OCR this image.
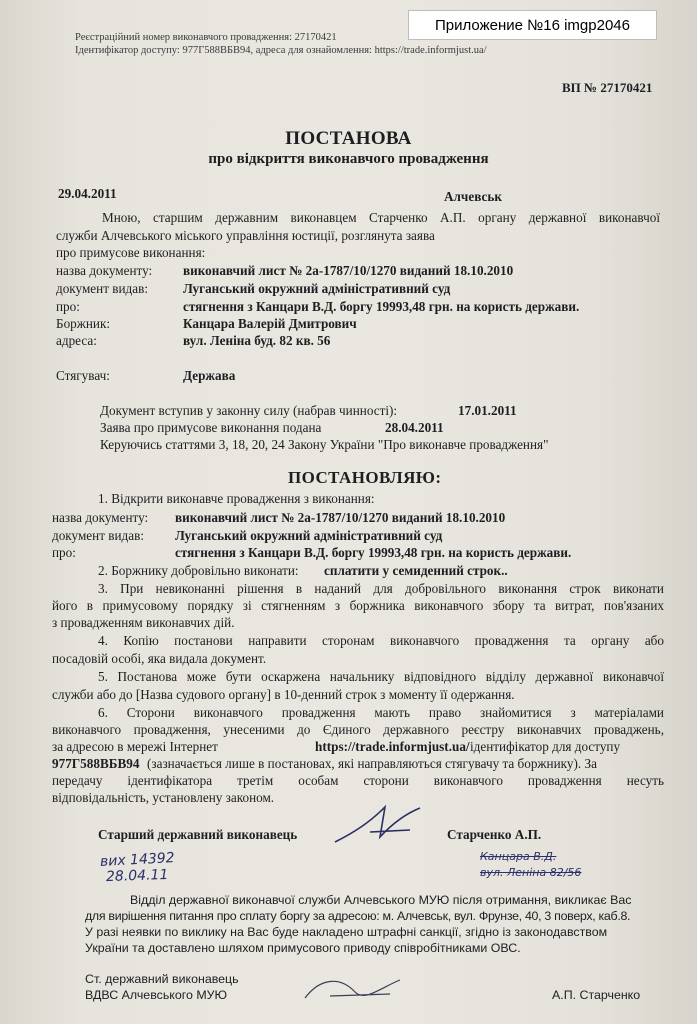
Реєстраційний номер виконавчого провадження: 27170421
Ідентифікатор доступу: 977Г588ВБВ94, адреса для ознайомлення: https://trade.informjust.ua/
Приложение №16 imgp2046
ВП № 27170421
ПОСТАНОВА
про відкриття виконавчого провадження
29.04.2011	Алчевськ
Мною, старшим державним виконавцем Старченко А.П. органу державної виконавчої
служби Алчевського міського управління юстиції, розглянута заява
про примусове виконання:
назва документу: виконавчий лист № 2а-1787/10/1270 виданий 18.10.2010
документ видав:	Луганський окружний адміністративний суд
про:	стягнення з Канцари В.Д. боргу 19993,48 грн. на користь держави.
Боржник:	Канцара Валерій Дмитрович
адреса:	вул. Леніна буд. 82 кв. 56
Стягувач:	Держава
Документ вступив у законну силу (набрав чинності):	17.01.2011
Заява про примусове виконання подана	28.04.2011
Керуючись статтями 3, 18, 20, 24 Закону України "Про виконавче провадження"
ПОСТАНОВЛЯЮ:
1. Відкрити виконавче провадження з виконання:
назва документу: виконавчий лист № 2а-1787/10/1270 виданий 18.10.2010
документ видав: Луганський окружний адміністративний суд
про:	стягнення з Канцари В.Д. боргу 19993,48 грн. на користь держави.
2. Боржнику добровільно виконати: сплатити у семиденний строк..
3. При невиконанні рішення в наданий для добровільного виконання строк виконати
його в примусовому порядку зі стягненням з боржника виконавчого збору та витрат, пов'язаних
з провадженням виконавчих дій.
4. Копію постанови направити сторонам виконавчого провадження та органу або
посадовій особі, яка видала документ.
5. Постанова може бути оскаржена начальнику відповідного відділу державної виконавчої
служби або до [Назва судового органу] в 10-денний строк з моменту її одержання.
6. Сторони виконавчого провадження мають право знайомитися з матеріалами
виконавчого провадження, унесеними до Єдиного державного реєстру виконавчих проваджень,
за адресою в мережі Інтернет	https://trade.informjust.ua/ ідентифікатор для доступу
977Г588ВБВ94 (зазначається лише в постановах, які направляються стягувачу та боржнику). За
передачу ідентифікатора третім особам сторони виконавчого провадження несуть
відповідальність, установлену законом.
Старший державний виконавець	Старченко А.П.
вих 14392
28.04.11
Канцара В.Д.
вул. Леніна 82/56
Відділ державної виконавчої служби Алчевського МУЮ після отримання, викликає Вас
для вирішення питання про сплату боргу за адресою: м. Алчевськ, вул. Фрунзе, 40, 3 поверх, каб.8.
У разі неявки по виклику на Вас буде накладено штрафні санкції, згідно із законодавством
України та доставлено шляхом примусового приводу співробітниками ОВС.
Ст. державний виконавець
ВДВС Алчевського МУЮ	А.П. Старченко
